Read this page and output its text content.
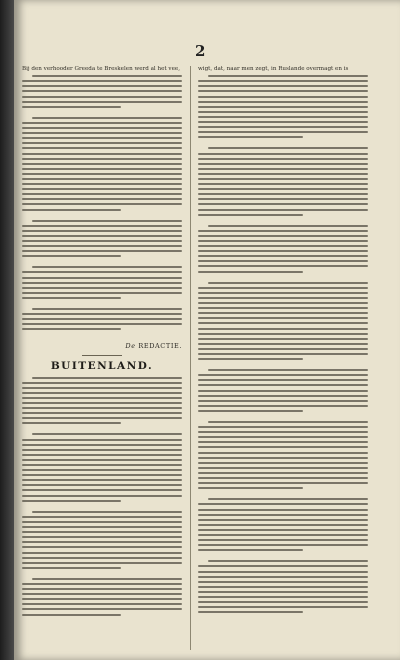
2
Bij den verhooder Greeda te Breskelen werd al het vee,
De REDACTIE.
BUITENLAND.
wigt, dat, naar men zegt, in Ruslande overmagt en is
